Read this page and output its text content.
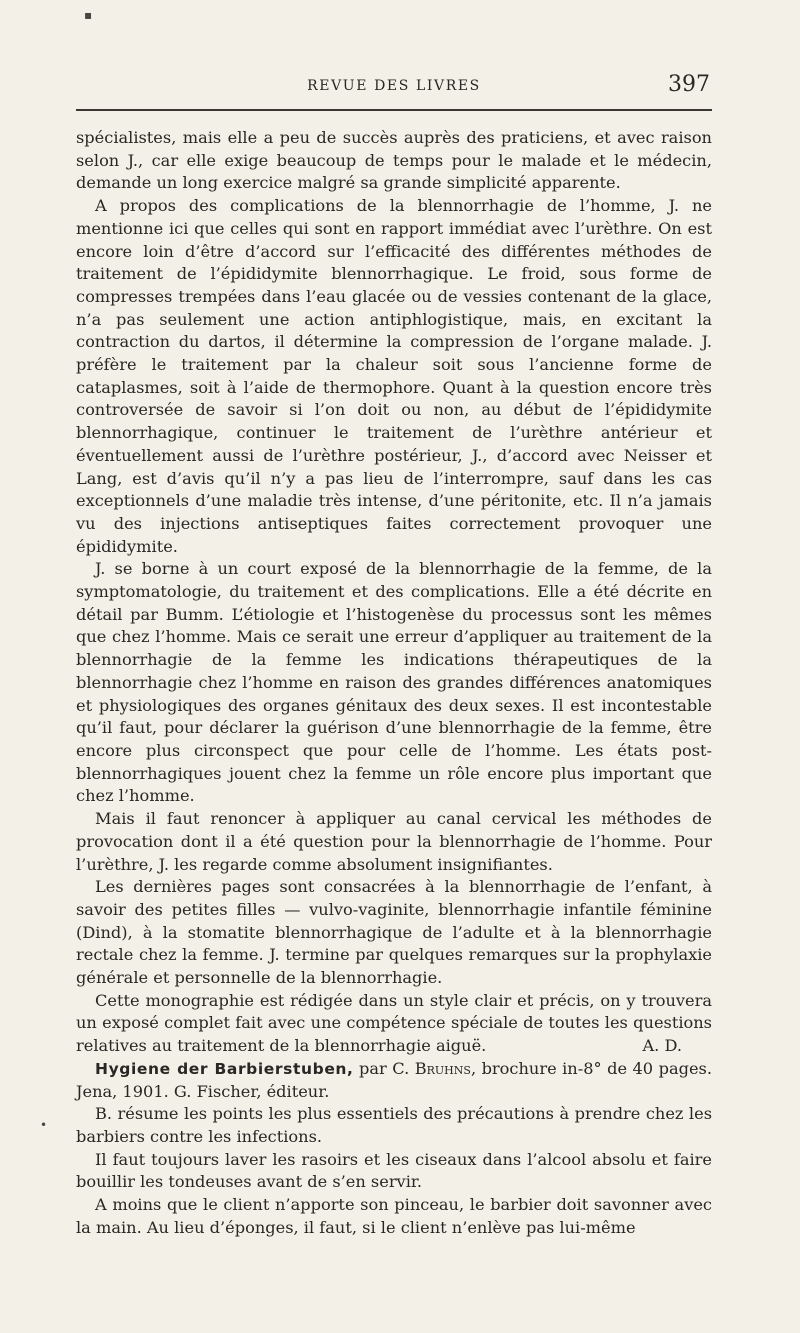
▪
•
REVUE DES LIVRES	397

spécialistes, mais elle a peu de succès auprès des praticiens, et avec raison selon J., car elle exige beaucoup de temps pour le malade et le médecin, demande un long exercice malgré sa grande simplicité apparente.

A propos des complications de la blennorrhagie de l’homme, J. ne mentionne ici que celles qui sont en rapport immédiat avec l’urèthre. On est encore loin d’être d’accord sur l’efficacité des différentes méthodes de traitement de l’épididymite blennorrhagique. Le froid, sous forme de compresses trempées dans l’eau glacée ou de vessies contenant de la glace, n’a pas seulement une action antiphlogistique, mais, en excitant la contraction du dartos, il détermine la compression de l’organe malade. J. préfère le traitement par la chaleur soit sous l’ancienne forme de cataplasmes, soit à l’aide de thermophore. Quant à la question encore très controversée de savoir si l’on doit ou non, au début de l’épididymite blennorrhagique, continuer le traitement de l’urèthre antérieur et éventuellement aussi de l’urèthre postérieur, J., d’accord avec Neisser et Lang, est d’avis qu’il n’y a pas lieu de l’interrompre, sauf dans les cas exceptionnels d’une maladie très intense, d’une péritonite, etc. Il n’a jamais vu des injections antiseptiques faites correctement provoquer une épididymite.

J. se borne à un court exposé de la blennorrhagie de la femme, de la symptomatologie, du traitement et des complications. Elle a été décrite en détail par Bumm. L’étiologie et l’histogenèse du processus sont les mêmes que chez l’homme. Mais ce serait une erreur d’appliquer au traitement de la blennorrhagie de la femme les indications thérapeutiques de la blennorrhagie chez l’homme en raison des grandes différences anatomiques et physiologiques des organes génitaux des deux sexes. Il est incontestable qu’il faut, pour déclarer la guérison d’une blennorrhagie de la femme, être encore plus circonspect que pour celle de l’homme. Les états post-blennorrhagiques jouent chez la femme un rôle encore plus important que chez l’homme.

Mais il faut renoncer à appliquer au canal cervical les méthodes de provocation dont il a été question pour la blennorrhagie de l’homme. Pour l’urèthre, J. les regarde comme absolument insignifiantes.

Les dernières pages sont consacrées à la blennorrhagie de l’enfant, à savoir des petites filles — vulvo-vaginite, blennorrhagie infantile féminine (Dind), à la stomatite blennorrhagique de l’adulte et à la blennorrhagie rectale chez la femme. J. termine par quelques remarques sur la prophylaxie générale et personnelle de la blennorrhagie.

Cette monographie est rédigée dans un style clair et précis, on y trouvera un exposé complet fait avec une compétence spéciale de toutes les questions relatives au traitement de la blennorrhagie aiguë.	A. D.

Hygiene der Barbierstuben, par C. Bruhns, brochure in-8° de 40 pages. Jena, 1901. G. Fischer, éditeur.

B. résume les points les plus essentiels des précautions à prendre chez les barbiers contre les infections.

Il faut toujours laver les rasoirs et les ciseaux dans l’alcool absolu et faire bouillir les tondeuses avant de s’en servir.

A moins que le client n’apporte son pinceau, le barbier doit savonner avec la main. Au lieu d’éponges, il faut, si le client n’enlève pas lui-même
